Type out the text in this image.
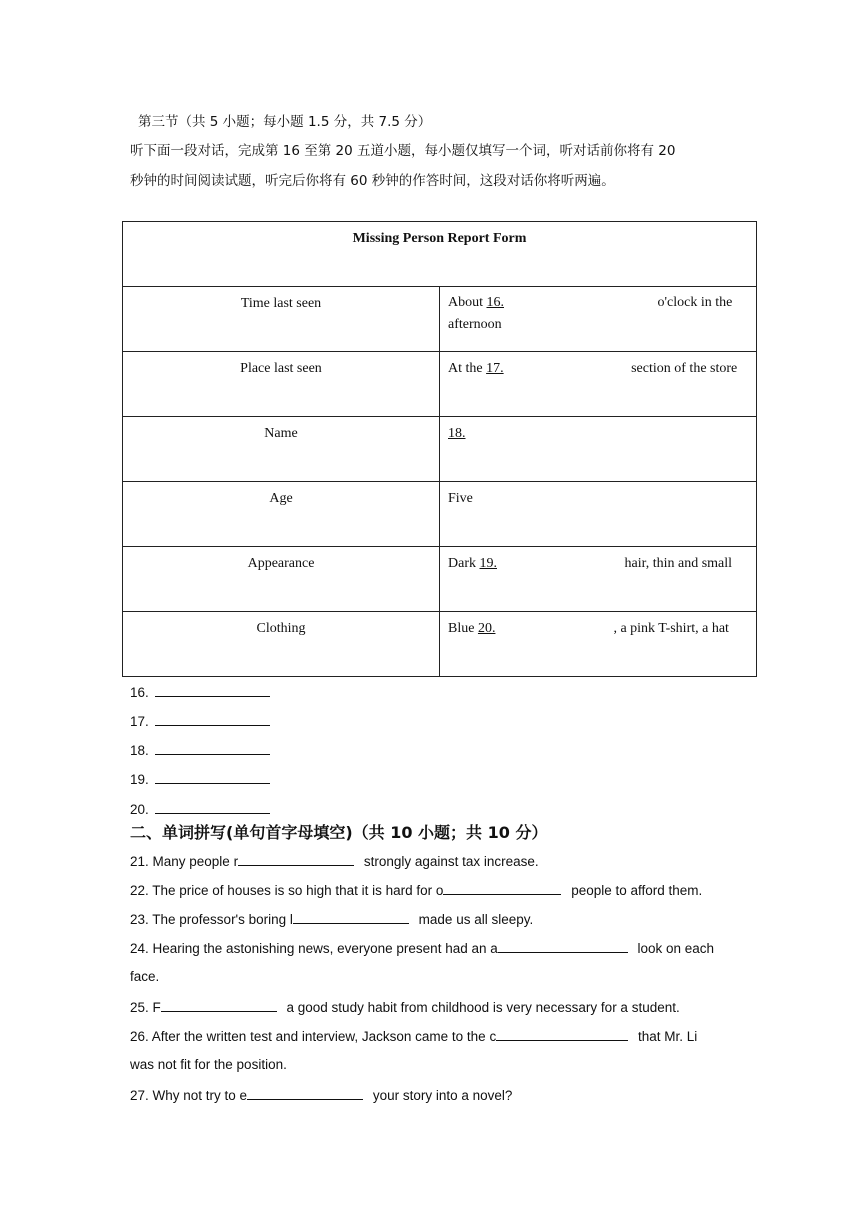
第三节（共 5 小题；每小题 1.5 分，共 7.5 分）
听下面一段对话，完成第 16 至第 20 五道小题，每小题仅填写一个词，听对话前你将有 20
秒钟的时间阅读试题，听完后你将有 60 秒钟的作答时间，这段对话你将听两遍。
Missing Person Report Form	
Time last seen	About 16. o'clock in the
afternoon
Place last seen	At the 17. section of the store
Name	18.
Age	Five
Appearance	Dark 19. hair, thin and small
Clothing	Blue 20. , a pink T-shirt, a hat
16.
17.
18.
19.
20.
二、单词拼写(单句首字母填空)（共 10 小题；共 10 分）
21. Many people r	strongly against tax increase.
22. The price of houses is so high that it is hard for o	people to afford them.
23. The professor's boring l	made us all sleepy.
24. Hearing the astonishing news, everyone present had an a	look on each
face.
25. F	a good study habit from childhood is very necessary for a student.
26. After the written test and interview, Jackson came to the c	that Mr. Li
was not fit for the position.
27. Why not try to e	your story into a novel?
